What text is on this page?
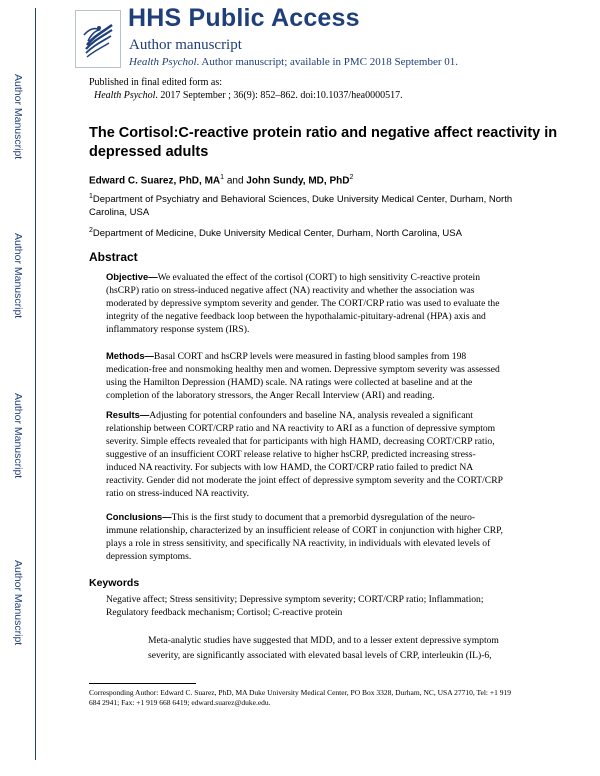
Author Manuscript
Author Manuscript
Author Manuscript
Author Manuscript
HHS Public Access
Author manuscript
Health Psychol. Author manuscript; available in PMC 2018 September 01.
Published in final edited form as:
Health Psychol. 2017 September ; 36(9): 852–862. doi:10.1037/hea0000517.
The Cortisol:C-reactive protein ratio and negative affect reactivity in depressed adults
Edward C. Suarez, PhD, $MA^1$ and John Sundy, MD, PhD$^2$
$^1$Department of Psychiatry and Behavioral Sciences, Duke University Medical Center, Durham, North Carolina, USA
$^2$Department of Medicine, Duke University Medical Center, Durham, North Carolina, USA
Abstract
Objective—We evaluated the effect of the cortisol (CORT) to high sensitivity C-reactive protein (hsCRP) ratio on stress-induced negative affect (NA) reactivity and whether the association was moderated by depressive symptom severity and gender. The CORT/CRP ratio was used to evaluate the integrity of the negative feedback loop between the hypothalamic-pituitary-adrenal (HPA) axis and inflammatory response system (IRS).
Methods—Basal CORT and hsCRP levels were measured in fasting blood samples from 198 medication-free and nonsmoking healthy men and women. Depressive symptom severity was assessed using the Hamilton Depression (HAMD) scale. NA ratings were collected at baseline and at the completion of the laboratory stressors, the Anger Recall Interview (ARI) and reading.
Results—Adjusting for potential confounders and baseline NA, analysis revealed a significant relationship between CORT/CRP ratio and NA reactivity to ARI as a function of depressive symptom severity. Simple effects revealed that for participants with high HAMD, decreasing CORT/CRP ratio, suggestive of an insufficient CORT release relative to higher hsCRP, predicted increasing stress-induced NA reactivity. For subjects with low HAMD, the CORT/CRP ratio failed to predict NA reactivity. Gender did not moderate the joint effect of depressive symptom severity and the CORT/CRP ratio on stress-induced NA reactivity.
Conclusions—This is the first study to document that a premorbid dysregulation of the neuro-immune relationship, characterized by an insufficient release of CORT in conjunction with higher CRP, plays a role in stress sensitivity, and specifically NA reactivity, in individuals with elevated levels of depression symptoms.
Keywords
Negative affect; Stress sensitivity; Depressive symptom severity; CORT/CRP ratio; Inflammation; Regulatory feedback mechanism; Cortisol; C-reactive protein
Meta-analytic studies have suggested that MDD, and to a lesser extent depressive symptom severity, are significantly associated with elevated basal levels of CRP, interleukin (IL)-6,
Corresponding Author: Edward C. Suarez, PhD, MA Duke University Medical Center, PO Box 3328, Durham, NC, USA 27710, Tel: +1 919 684 2941; Fax: +1 919 668 6419; edward.suarez@duke.edu.
